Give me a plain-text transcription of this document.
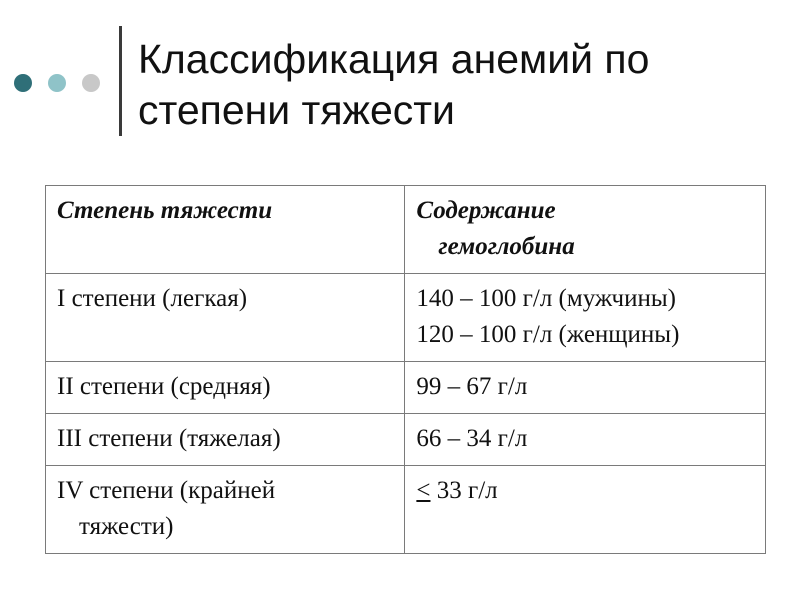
Классификация анемий по
степени тяжести
Степень тяжести	Содержание
гемоглобина

I степени (легкая)	140 – 100 г/л (мужчины)
120 – 100 г/л (женщины)

II степени (средняя)	99 – 67 г/л
III степени (тяжелая)	66 – 34 г/л

IV степени (крайней
тяжести)	≤ 33 г/л
